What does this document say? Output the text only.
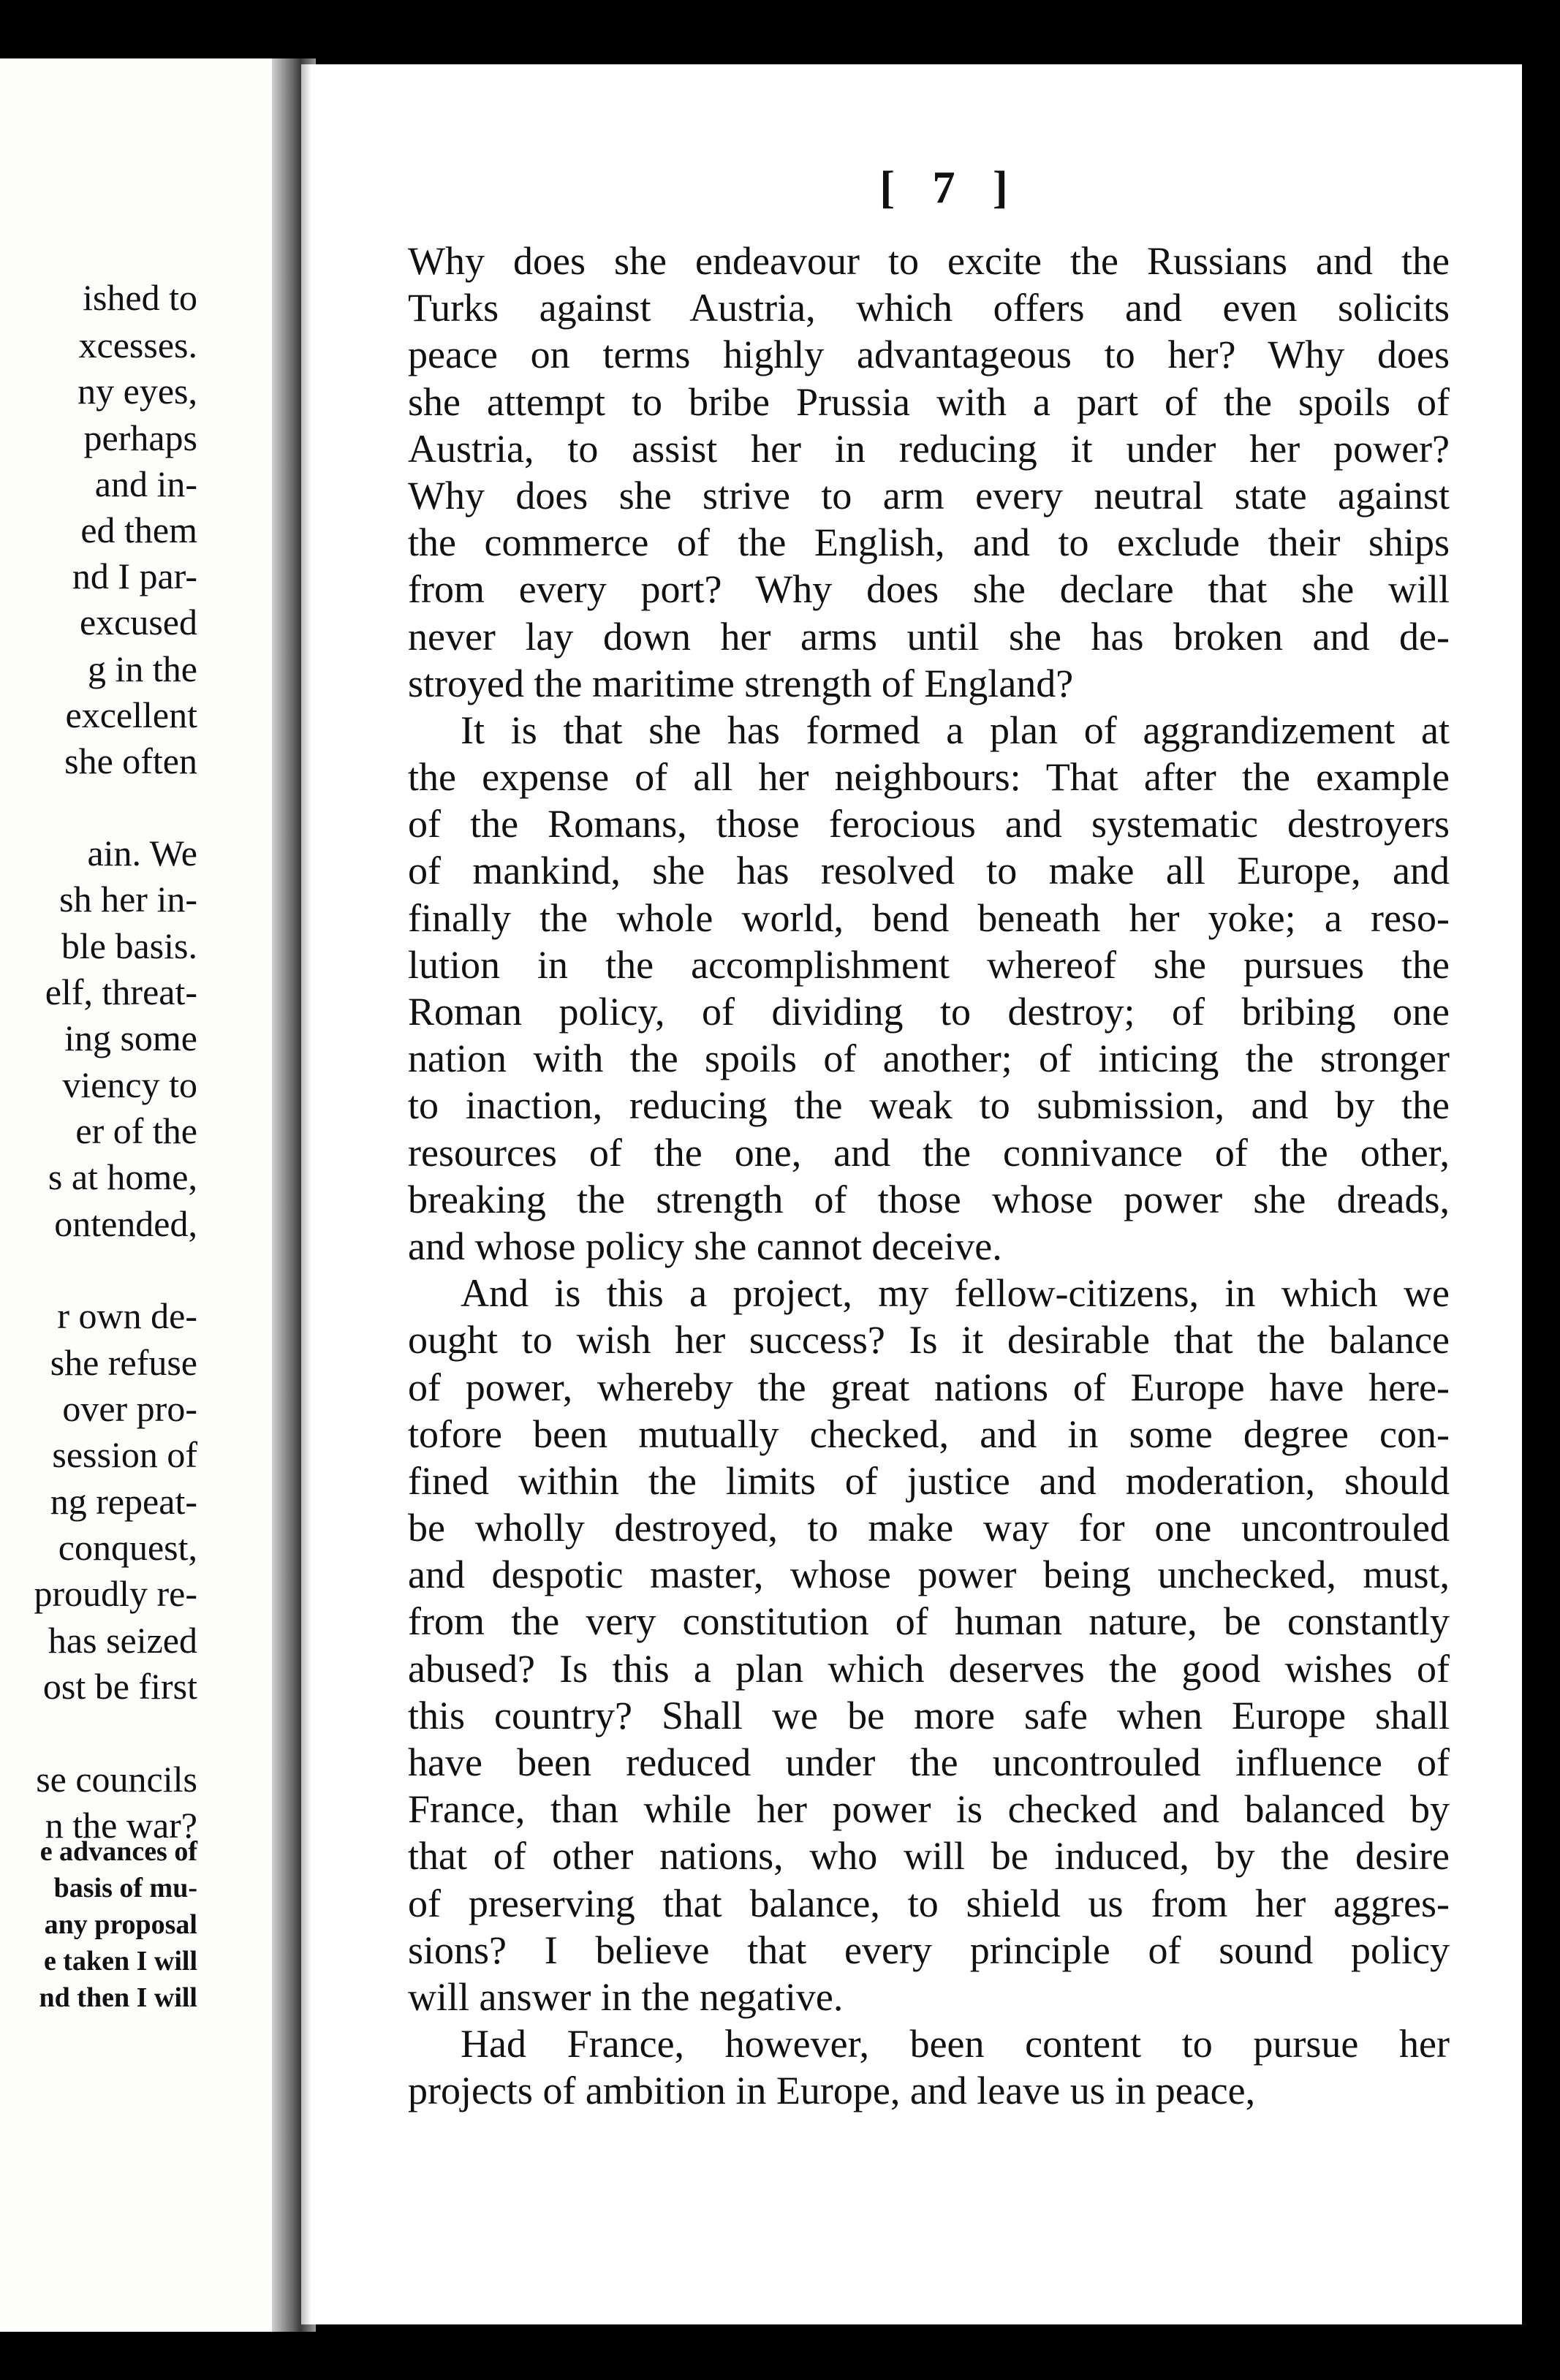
ished to
xcesses.
ny eyes,
perhaps
and in-
ed them
nd I par-
excused
g in the
excellent
she often
ain. We
sh her in-
ble basis.
elf, threat-
ing some
viency to
er of the
s at home,
ontended,
r own de-
she refuse
over pro-
session of
ng repeat-
conquest,
proudly re-
has seized
ost be first
se councils
n the war?
e advances of
basis of mu-
any proposal
e taken I will
nd then I will
[ 7 ]
Why does she endeavour to excite the Russians and the
Turks against Austria, which offers and even solicits
peace on terms highly advantageous to her? Why does
she attempt to bribe Prussia with a part of the spoils of
Austria, to assist her in reducing it under her power?
Why does she strive to arm every neutral state against
the commerce of the English, and to exclude their ships
from every port? Why does she declare that she will
never lay down her arms until she has broken and de-
stroyed the maritime strength of England?
It is that she has formed a plan of aggrandizement at
the expense of all her neighbours: That after the example
of the Romans, those ferocious and systematic destroyers
of mankind, she has resolved to make all Europe, and
finally the whole world, bend beneath her yoke; a reso-
lution in the accomplishment whereof she pursues the
Roman policy, of dividing to destroy; of bribing one
nation with the spoils of another; of inticing the stronger
to inaction, reducing the weak to submission, and by the
resources of the one, and the connivance of the other,
breaking the strength of those whose power she dreads,
and whose policy she cannot deceive.
And is this a project, my fellow-citizens, in which we
ought to wish her success? Is it desirable that the balance
of power, whereby the great nations of Europe have here-
tofore been mutually checked, and in some degree con-
fined within the limits of justice and moderation, should
be wholly destroyed, to make way for one uncontrouled
and despotic master, whose power being unchecked, must,
from the very constitution of human nature, be constantly
abused? Is this a plan which deserves the good wishes of
this country? Shall we be more safe when Europe shall
have been reduced under the uncontrouled influence of
France, than while her power is checked and balanced by
that of other nations, who will be induced, by the desire
of preserving that balance, to shield us from her aggres-
sions? I believe that every principle of sound policy
will answer in the negative.
Had France, however, been content to pursue her
projects of ambition in Europe, and leave us in peace,
